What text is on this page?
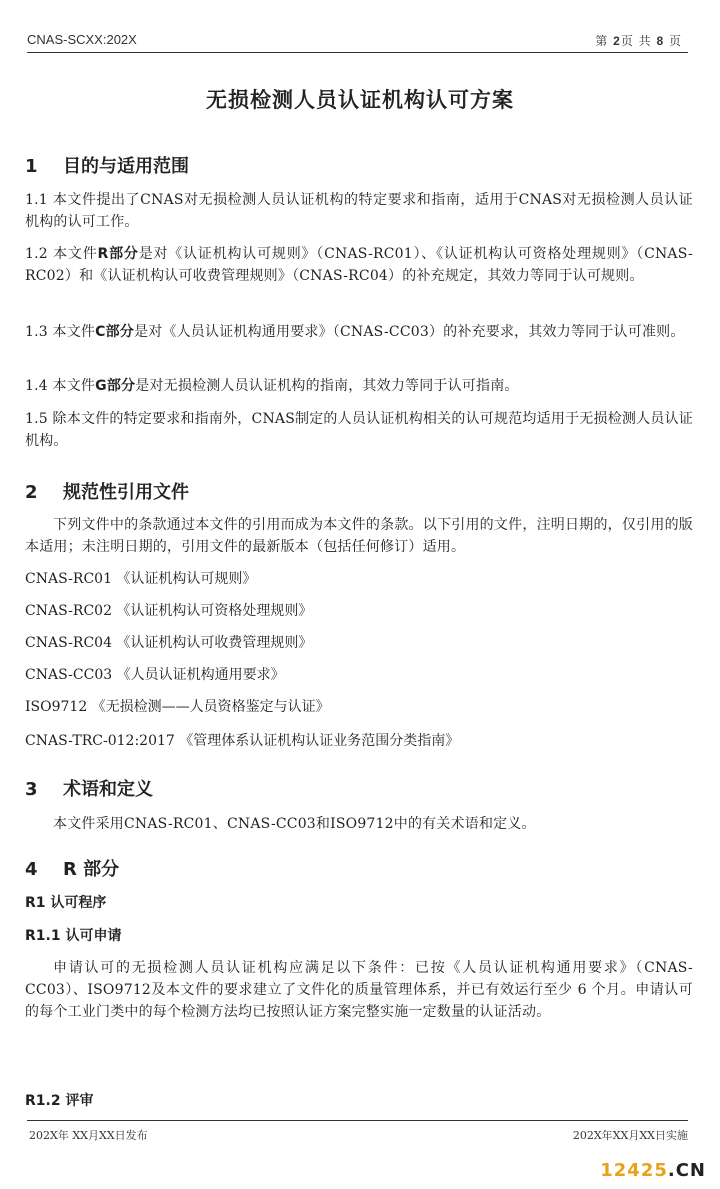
CNAS-SCXX:202X	第 2页 共 8 页
无损检测人员认证机构认可方案
1 目的与适用范围
1.1 本文件提出了CNAS对无损检测人员认证机构的特定要求和指南，适用于CNAS对无损检测人员认证机构的认可工作。
1.2 本文件R部分是对《认证机构认可规则》（CNAS-RC01）、《认证机构认可资格处理规则》（CNAS-RC02）和《认证机构认可收费管理规则》（CNAS-RC04）的补充规定，其效力等同于认可规则。
1.3 本文件C部分是对《人员认证机构通用要求》（CNAS-CC03）的补充要求，其效力等同于认可准则。
1.4 本文件G部分是对无损检测人员认证机构的指南，其效力等同于认可指南。
1.5 除本文件的特定要求和指南外，CNAS制定的人员认证机构相关的认可规范均适用于无损检测人员认证机构。
2 规范性引用文件
下列文件中的条款通过本文件的引用而成为本文件的条款。以下引用的文件，注明日期的，仅引用的版本适用；未注明日期的，引用文件的最新版本（包括任何修订）适用。
CNAS-RC01 《认证机构认可规则》
CNAS-RC02 《认证机构认可资格处理规则》
CNAS-RC04 《认证机构认可收费管理规则》
CNAS-CC03 《人员认证机构通用要求》
ISO9712 《无损检测——人员资格鉴定与认证》
CNAS-TRC-012:2017 《管理体系认证机构认证业务范围分类指南》
3 术语和定义
本文件采用CNAS-RC01、CNAS-CC03和ISO9712中的有关术语和定义。
4 R 部分
R1 认可程序
R1.1 认可申请
申请认可的无损检测人员认证机构应满足以下条件：已按《人员认证机构通用要求》（CNAS-CC03）、ISO9712及本文件的要求建立了文件化的质量管理体系，并已有效运行至少 6 个月。申请认可的每个工业门类中的每个检测方法均已按照认证方案完整实施一定数量的认证活动。
R1.2 评审
202X年 XX月XX日发布	202X年XX月XX日实施
12425.CN
